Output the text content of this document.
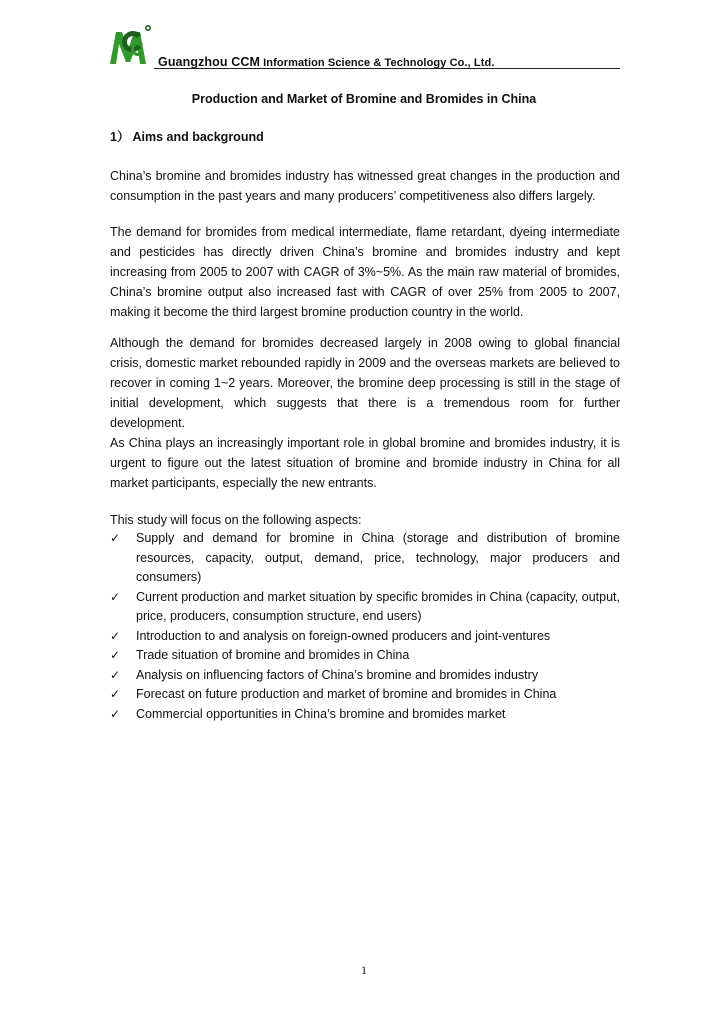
Guangzhou CCM Information Science & Technology Co., Ltd.
Production and Market of Bromine and Bromides in China
1） Aims and background

China’s bromine and bromides industry has witnessed great changes in the production and consumption in the past years and many producers’ competitiveness also differs largely.

The demand for bromides from medical intermediate, flame retardant, dyeing intermediate and pesticides has directly driven China’s bromine and bromides industry and kept increasing from 2005 to 2007 with CAGR of 3%~5%. As the main raw material of bromides, China’s bromine output also increased fast with CAGR of over 25% from 2005 to 2007, making it become the third largest bromine production country in the world.

Although the demand for bromides decreased largely in 2008 owing to global financial crisis, domestic market rebounded rapidly in 2009 and the overseas markets are believed to recover in coming 1~2 years. Moreover, the bromine deep processing is still in the stage of initial development, which suggests that there is a tremendous room for further development.

As China plays an increasingly important role in global bromine and bromides industry, it is urgent to figure out the latest situation of bromine and bromide industry in China for all market participants, especially the new entrants.

This study will focus on the following aspects:
✓ Supply and demand for bromine in China (storage and distribution of bromine resources, capacity, output, demand, price, technology, major producers and consumers)
✓ Current production and market situation by specific bromides in China (capacity, output, price, producers, consumption structure, end users)
✓ Introduction to and analysis on foreign-owned producers and joint-ventures
✓ Trade situation of bromine and bromides in China
✓ Analysis on influencing factors of China’s bromine and bromides industry
✓ Forecast on future production and market of bromine and bromides in China
✓ Commercial opportunities in China’s bromine and bromides market
1
